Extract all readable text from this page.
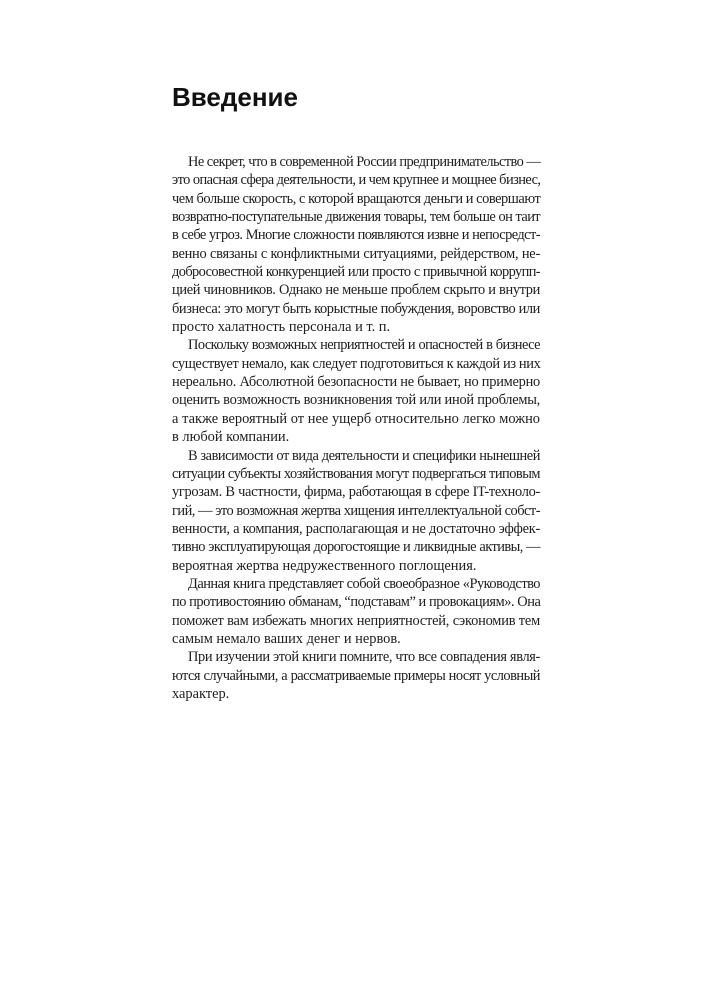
Введение

Не секрет, что в современной России предпринимательство —
это опасная сфера деятельности, и чем крупнее и мощнее бизнес,
чем больше скорость, с которой вращаются деньги и совершают
возвратно-поступательные движения товары, тем больше он таит
в себе угроз. Многие сложности появляются извне и непосредст-
венно связаны с конфликтными ситуациями, рейдерством, не-
добросовестной конкуренцией или просто с привычной коррупп-
цией чиновников. Однако не меньше проблем скрыто и внутри
бизнеса: это могут быть корыстные побуждения, воровство или
просто халатность персонала и т. п.

Поскольку возможных неприятностей и опасностей в бизнесе
существует немало, как следует подготовиться к каждой из них
нереально. Абсолютной безопасности не бывает, но примерно
оценить возможность возникновения той или иной проблемы,
а также вероятный от нее ущерб относительно легко можно
в любой компании.

В зависимости от вида деятельности и специфики нынешней
ситуации субъекты хозяйствования могут подвергаться типовым
угрозам. В частности, фирма, работающая в сфере IT-техноло-
гий, — это возможная жертва хищения интеллектуальной собст-
венности, а компания, располагающая и не достаточно эффек-
тивно эксплуатирующая дорогостоящие и ликвидные активы, —
вероятная жертва недружественного поглощения.

Данная книга представляет собой своеобразное «Руководство
по противостоянию обманам, “подставам” и провокациям». Она
поможет вам избежать многих неприятностей, сэкономив тем
самым немало ваших денег и нервов.

При изучении этой книги помните, что все совпадения явля-
ются случайными, а рассматриваемые примеры носят условный
характер.
